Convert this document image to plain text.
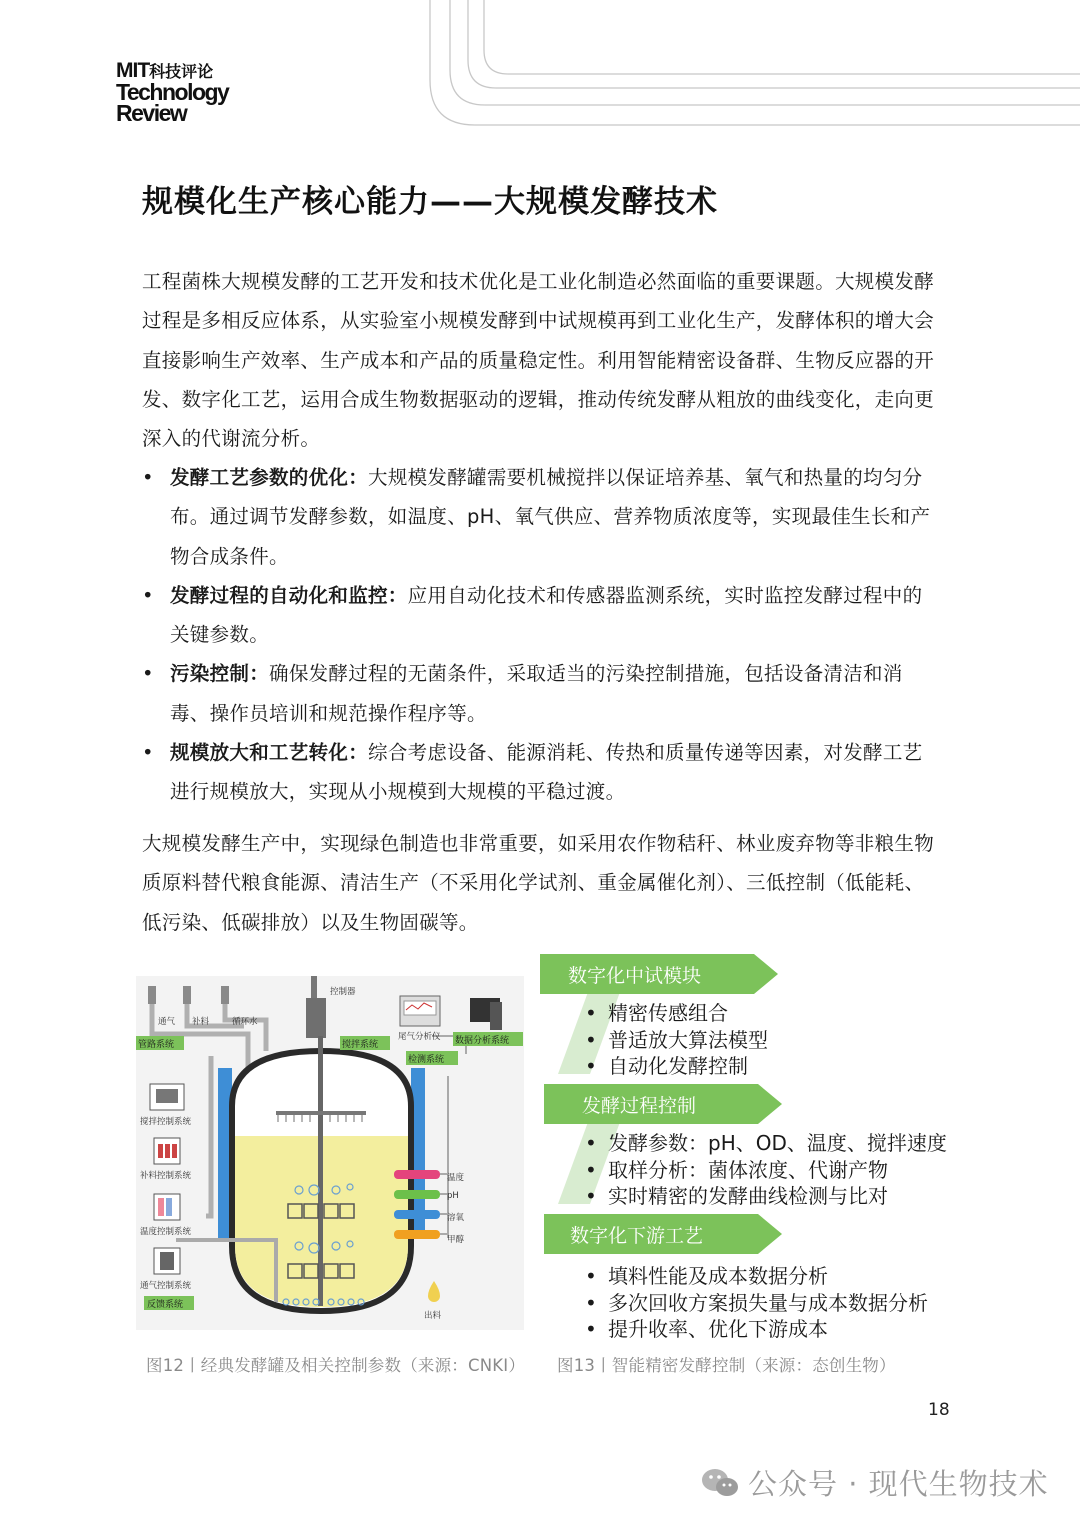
MIT科技评论
Technology
Review
规模化生产核心能力——大规模发酵技术
工程菌株大规模发酵的工艺开发和技术优化是工业化制造必然面临的重要课题。大规模发酵过程是多相反应体系，从实验室小规模发酵到中试规模再到工业化生产，发酵体积的增大会直接影响生产效率、生产成本和产品的质量稳定性。利用智能精密设备群、生物反应器的开发、数字化工艺，运用合成生物数据驱动的逻辑，推动传统发酵从粗放的曲线变化，走向更深入的代谢流分析。
• 发酵工艺参数的优化：大规模发酵罐需要机械搅拌以保证培养基、氧气和热量的均匀分布。通过调节发酵参数，如温度、pH、氧气供应、营养物质浓度等，实现最佳生长和产物合成条件。
• 发酵过程的自动化和监控：应用自动化技术和传感器监测系统，实时监控发酵过程中的关键参数。
• 污染控制：确保发酵过程的无菌条件，采取适当的污染控制措施，包括设备清洁和消毒、操作员培训和规范操作程序等。
• 规模放大和工艺转化：综合考虑设备、能源消耗、传热和质量传递等因素，对发酵工艺进行规模放大，实现从小规模到大规模的平稳过渡。
大规模发酵生产中，实现绿色制造也非常重要，如采用农作物秸秆、林业废弃物等非粮生物质原料替代粮食能源、清洁生产（不采用化学试剂、重金属催化剂）、三低控制（低能耗、低污染、低碳排放）以及生物固碳等。
通气 补料	循环水
管路系统
控制器
温度
pH
溶氧
甲醇
搅拌系统
尾气分析仪 数据分析系统
检测系统
搅拌控制系统
补料控制系统
温度控制系统
通气控制系统
反馈系统
出料
数字化中试模块
发酵过程控制
数字化下游工艺
• 精密传感组合
• 普适放大算法模型
• 自动化发酵控制
• 发酵参数：pH、OD、温度、搅拌速度
• 取样分析：菌体浓度、代谢产物
• 实时精密的发酵曲线检测与比对
• 填料性能及成本数据分析
• 多次回收方案损失量与成本数据分析
• 提升收率、优化下游成本
图12丨经典发酵罐及相关控制参数（来源：CNKI） 图13丨智能精密发酵控制（来源：态创生物）
18
公众号 · 现代生物技术
